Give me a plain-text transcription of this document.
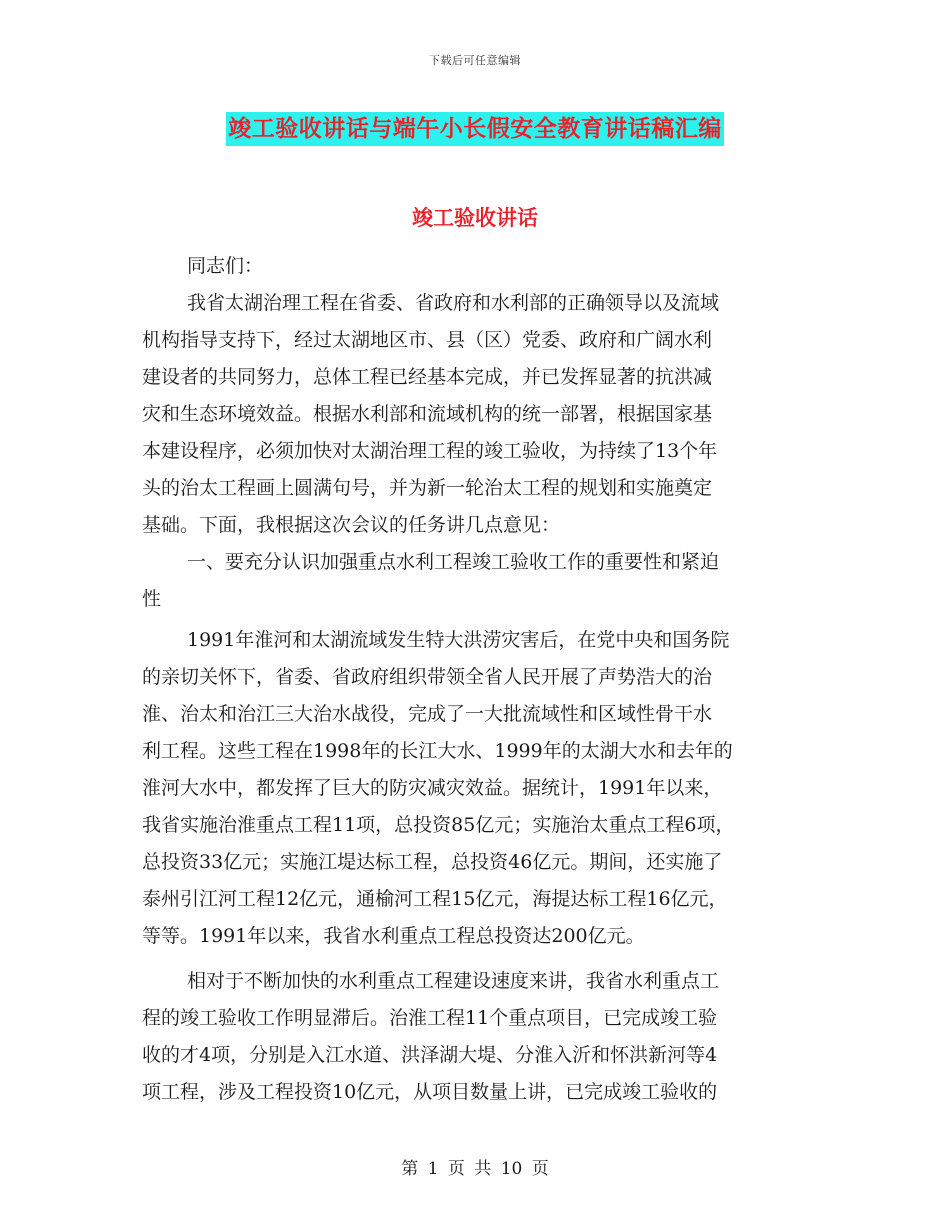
下载后可任意编辑
竣工验收讲话与端午小长假安全教育讲话稿汇编
竣工验收讲话
同志们：
我省太湖治理工程在省委、省政府和水利部的正确领导以及流域
机构指导支持下，经过太湖地区市、县（区）党委、政府和广阔水利
建设者的共同努力，总体工程已经基本完成，并已发挥显著的抗洪减
灾和生态环境效益。根据水利部和流域机构的统一部署，根据国家基
本建设程序，必须加快对太湖治理工程的竣工验收，为持续了13个年
头的治太工程画上圆满句号，并为新一轮治太工程的规划和实施奠定
基础。下面，我根据这次会议的任务讲几点意见：
一、要充分认识加强重点水利工程竣工验收工作的重要性和紧迫
性
1991年淮河和太湖流域发生特大洪涝灾害后，在党中央和国务院
的亲切关怀下，省委、省政府组织带领全省人民开展了声势浩大的治
淮、治太和治江三大治水战役，完成了一大批流域性和区域性骨干水
利工程。这些工程在1998年的长江大水、1999年的太湖大水和去年的
淮河大水中，都发挥了巨大的防灾减灾效益。据统计，1991年以来，
我省实施治淮重点工程11项，总投资85亿元；实施治太重点工程6项，
总投资33亿元；实施江堤达标工程，总投资46亿元。期间，还实施了
泰州引江河工程12亿元，通榆河工程15亿元，海提达标工程16亿元，
等等。1991年以来，我省水利重点工程总投资达200亿元。
相对于不断加快的水利重点工程建设速度来讲，我省水利重点工
程的竣工验收工作明显滞后。治淮工程11个重点项目，已完成竣工验
收的才4项，分别是入江水道、洪泽湖大堤、分淮入沂和怀洪新河等4
项工程，涉及工程投资10亿元，从项目数量上讲，已完成竣工验收的
第 1 页 共 10 页
